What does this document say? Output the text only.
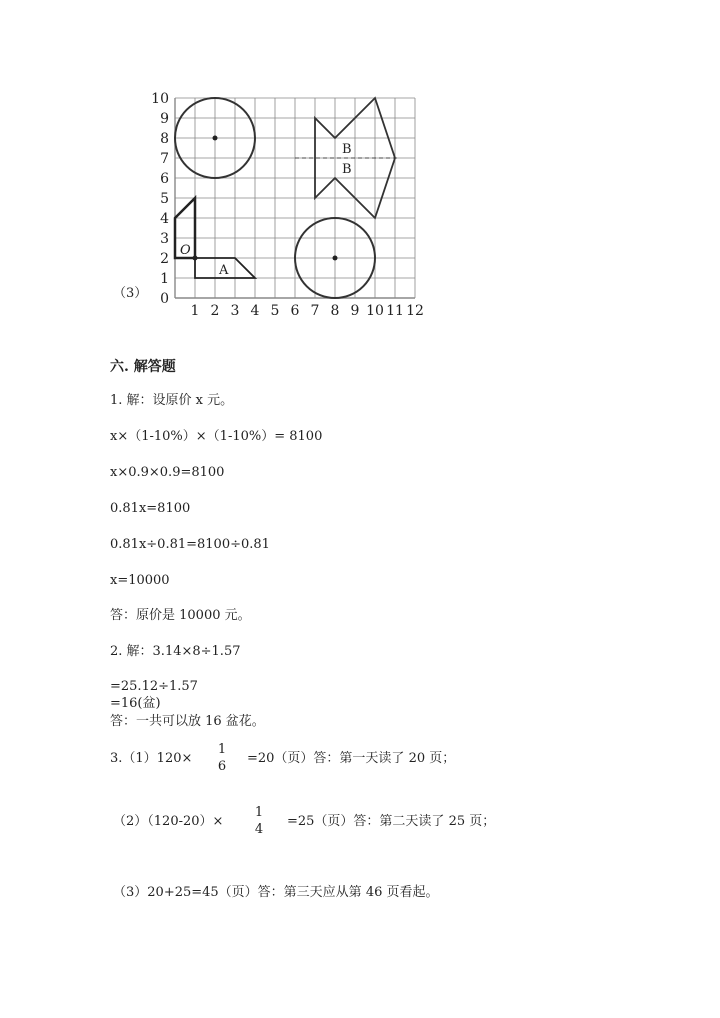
（3）
10
9
8
7
6
5
4
3
2
1
0
1 2 3 4 5 6 7 8 9 10 11 12
O
A
B
B
六. 解答题
1. 解：设原价 x 元。
x×（1-10%）×（1-10%）= 8100
x×0.9×0.9=8100
0.81x=8100
0.81x÷0.81=8100÷0.81
x=10000
答：原价是 10000 元。
2. 解：3.14×8÷1.57
=25.12÷1.57
=16(盆)
答：一共可以放 16 盆花。
3.（1）120×
1
6
=20（页）答：第一天读了 20 页；
（2）（120-20）×
1
4
=25（页）答：第二天读了 25 页；
（3）20+25=45（页）答：第三天应从第 46 页看起。
